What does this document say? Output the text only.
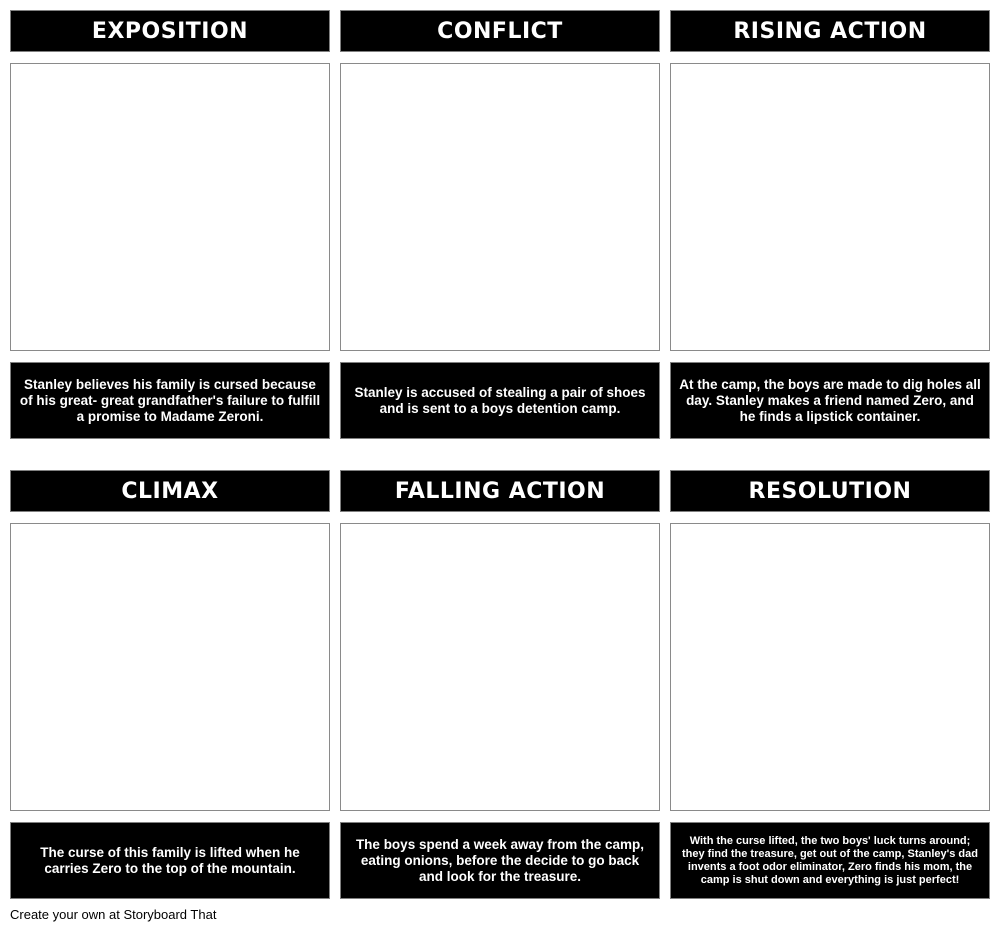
EXPOSITION
Stanley believes his family is cursed because of his great- great grandfather's failure to fulfill a promise to Madame Zeroni.
CONFLICT
Stanley is accused of stealing a pair of shoes and is sent to a boys detention camp.
RISING ACTION
At the camp, the boys are made to dig holes all day. Stanley makes a friend named Zero, and he finds a lipstick container.
CLIMAX
The curse of this family is lifted when he carries Zero to the top of the mountain.
FALLING ACTION
The boys spend a week away from the camp, eating onions, before the decide to go back and look for the treasure.
RESOLUTION
With the curse lifted, the two boys' luck turns around; they find the treasure, get out of the camp, Stanley's dad invents a foot odor eliminator, Zero finds his mom, the camp is shut down and everything is just perfect!
Create your own at Storyboard That
